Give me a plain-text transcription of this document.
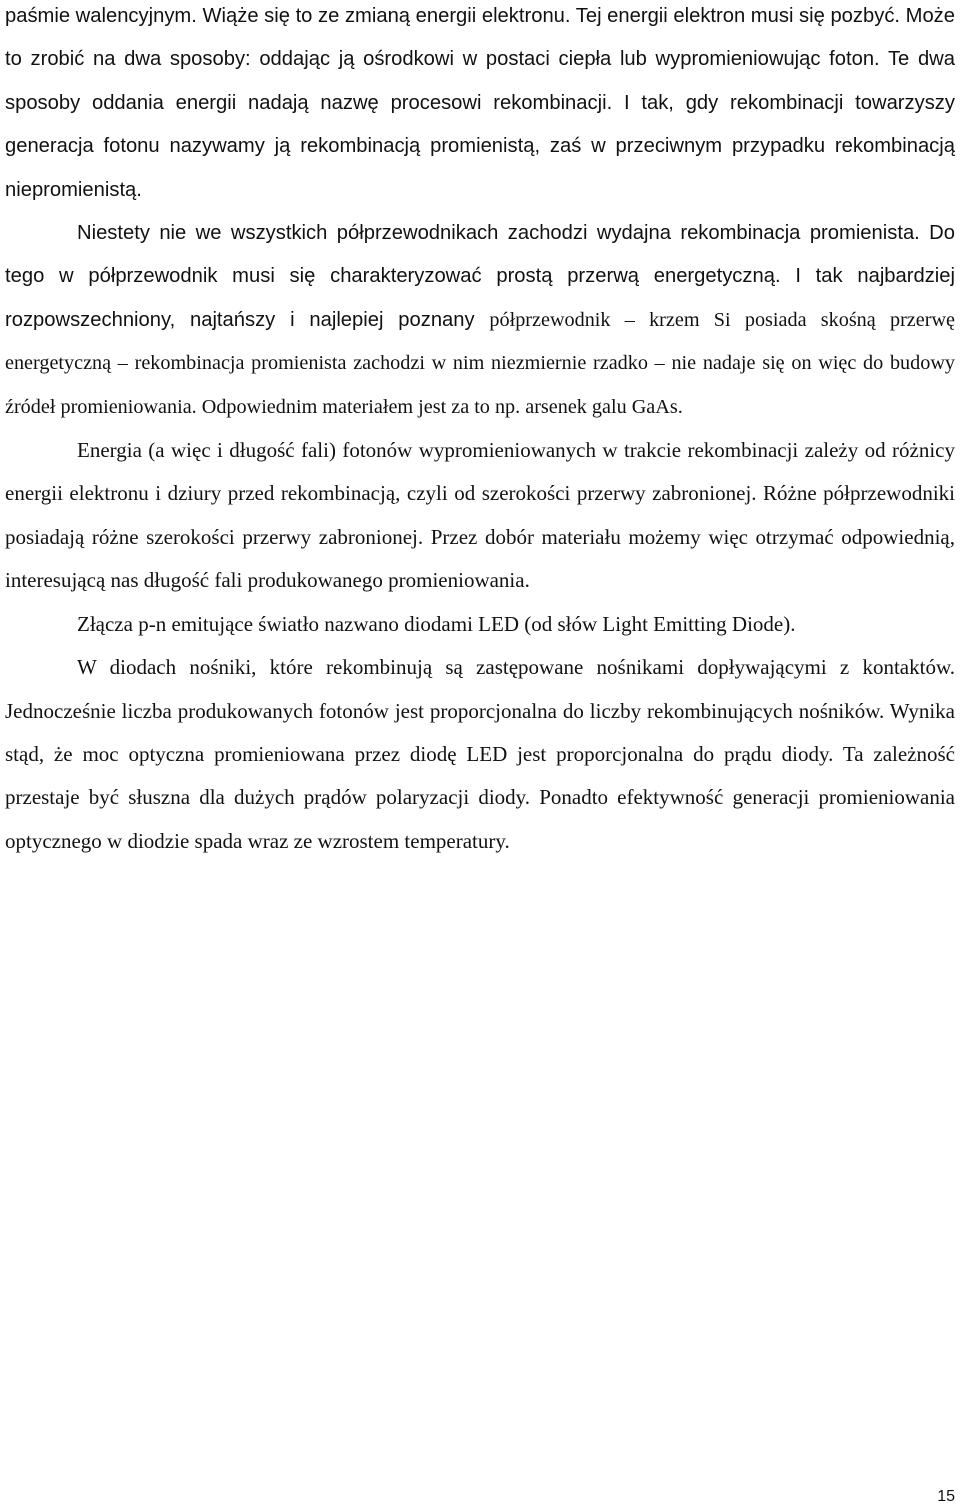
paśmie walencyjnym. Wiąże się to ze zmianą energii elektronu. Tej energii elektron musi się pozbyć. Może to zrobić na dwa sposoby: oddając ją ośrodkowi w postaci ciepła lub wypromieniowując foton. Te dwa sposoby oddania energii nadają nazwę procesowi rekombinacji. I tak, gdy rekombinacji towarzyszy generacja fotonu nazywamy ją rekombinacją promienistą, zaś w przeciwnym przypadku rekombinacją niepromienistą.

Niestety nie we wszystkich półprzewodnikach zachodzi wydajna rekombinacja promienista. Do tego w półprzewodnik musi się charakteryzować prostą przerwą energetyczną. I tak najbardziej rozpowszechniony, najtańszy i najlepiej poznany półprzewodnik – krzem Si posiada skośną przerwę energetyczną – rekombinacja promienista zachodzi w nim niezmiernie rzadko – nie nadaje się on więc do budowy źródeł promieniowania. Odpowiednim materiałem jest za to np. arsenek galu GaAs.

Energia (a więc i długość fali) fotonów wypromieniowanych w trakcie rekombinacji zależy od różnicy energii elektronu i dziury przed rekombinacją, czyli od szerokości przerwy zabronionej. Różne półprzewodniki posiadają różne szerokości przerwy zabronionej. Przez dobór materiału możemy więc otrzymać odpowiednią, interesującą nas długość fali produkowanego promieniowania.

Złącza p-n emitujące światło nazwano diodami LED (od słów Light Emitting Diode).

W diodach nośniki, które rekombinują są zastępowane nośnikami dopływającymi z kontaktów. Jednocześnie liczba produkowanych fotonów jest proporcjonalna do liczby rekombinujących nośników. Wynika stąd, że moc optyczna promieniowana przez diodę LED jest proporcjonalna do prądu diody. Ta zależność przestaje być słuszna dla dużych prądów polaryzacji diody. Ponadto efektywność generacji promieniowania optycznego w diodzie spada wraz ze wzrostem temperatury.

15
